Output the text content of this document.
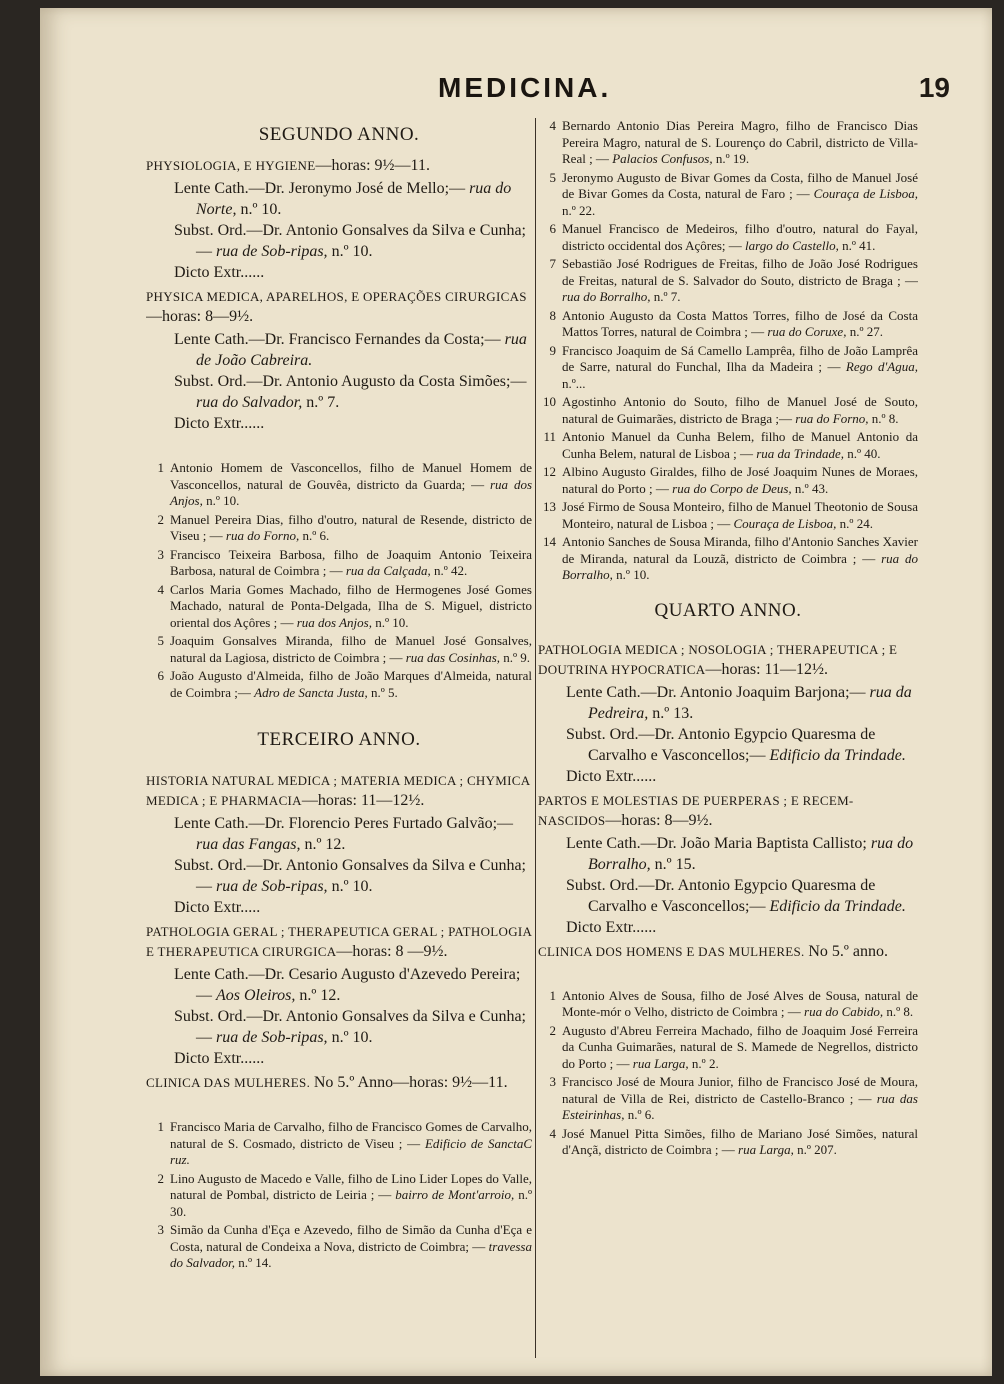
MEDICINA.	19
SEGUNDO ANNO.

PHYSIOLOGIA, E HYGIENE—horas: 9½—11.

Lente Cath.—Dr. Jeronymo José de Mello;— rua do Norte, n.º 10.

Subst. Ord.—Dr. Antonio Gonsalves da Silva e Cunha;— rua de Sob-ripas, n.º 10.

Dicto Extr......

PHYSICA MEDICA, APARELHOS, E OPERAÇÕES CIRURGICAS—horas: 8—9½.

Lente Cath.—Dr. Francisco Fernandes da Costa;— rua de João Cabreira.

Subst. Ord.—Dr. Antonio Augusto da Costa Simões;— rua do Salvador, n.º 7.

Dicto Extr......

1 Antonio Homem de Vasconcellos, filho de Manuel Homem de Vasconcellos, natural de Gouvêa, districto da Guarda; — rua dos Anjos, n.º 10.
2 Manuel Pereira Dias, filho d'outro, natural de Resende, districto de Viseu ; — rua do Forno, n.º 6.
3 Francisco Teixeira Barbosa, filho de Joaquim Antonio Teixeira Barbosa, natural de Coimbra ; — rua da Calçada, n.º 42.
4 Carlos Maria Gomes Machado, filho de Hermogenes José Gomes Machado, natural de Ponta-Delgada, Ilha de S. Miguel, districto oriental dos Açôres ; — rua dos Anjos, n.º 10.
5 Joaquim Gonsalves Miranda, filho de Manuel José Gonsalves, natural da Lagiosa, districto de Coimbra ; — rua das Cosinhas, n.º 9.
6 João Augusto d'Almeida, filho de João Marques d'Almeida, natural de Coimbra ;— Adro de Sancta Justa, n.º 5.
TERCEIRO ANNO.

HISTORIA NATURAL MEDICA ; MATERIA MEDICA ; CHYMICA MEDICA ; E PHARMACIA—horas: 11—12½.

Lente Cath.—Dr. Florencio Peres Furtado Galvão;— rua das Fangas, n.º 12.

Subst. Ord.—Dr. Antonio Gonsalves da Silva e Cunha;— rua de Sob-ripas, n.º 10.

Dicto Extr.....

PATHOLOGIA GERAL ; THERAPEUTICA GERAL ; PATHOLOGIA E THERAPEUTICA CIRURGICA—horas: 8 —9½.

Lente Cath.—Dr. Cesario Augusto d'Azevedo Pereira;— Aos Oleiros, n.º 12.

Subst. Ord.—Dr. Antonio Gonsalves da Silva e Cunha;— rua de Sob-ripas, n.º 10.

Dicto Extr......

CLINICA DAS MULHERES. No 5.º Anno—horas: 9½—11.

1 Francisco Maria de Carvalho, filho de Francisco Gomes de Carvalho, natural de S. Cosmado, districto de Viseu ; — Edificio de SanctaC ruz.
2 Lino Augusto de Macedo e Valle, filho de Lino Lider Lopes do Valle, natural de Pombal, districto de Leiria ; — bairro de Mont'arroio, n.º 30.
3 Simão da Cunha d'Eça e Azevedo, filho de Simão da Cunha d'Eça e Costa, natural de Condeixa a Nova, districto de Coimbra; — travessa do Salvador, n.º 14.
4 Bernardo Antonio Dias Pereira Magro, filho de Francisco Dias Pereira Magro, natural de S. Lourenço do Cabril, districto de Villa-Real ; — Palacios Confusos, n.º 19.
5 Jeronymo Augusto de Bivar Gomes da Costa, filho de Manuel José de Bivar Gomes da Costa, natural de Faro ; — Couraça de Lisboa, n.º 22.
6 Manuel Francisco de Medeiros, filho d'outro, natural do Fayal, districto occidental dos Açôres; — largo do Castello, n.º 41.
7 Sebastião José Rodrigues de Freitas, filho de João José Rodrigues de Freitas, natural de S. Salvador do Souto, districto de Braga ; — rua do Borralho, n.º 7.
8 Antonio Augusto da Costa Mattos Torres, filho de José da Costa Mattos Torres, natural de Coimbra ; — rua do Coruxe, n.º 27.
9 Francisco Joaquim de Sá Camello Lamprêa, filho de João Lamprêa de Sarre, natural do Funchal, Ilha da Madeira ; — Rego d'Agua, n.º...
10 Agostinho Antonio do Souto, filho de Manuel José de Souto, natural de Guimarães, districto de Braga ;— rua do Forno, n.º 8.
11 Antonio Manuel da Cunha Belem, filho de Manuel Antonio da Cunha Belem, natural de Lisboa ; — rua da Trindade, n.º 40.
12 Albino Augusto Giraldes, filho de José Joaquim Nunes de Moraes, natural do Porto ; — rua do Corpo de Deus, n.º 43.
13 José Firmo de Sousa Monteiro, filho de Manuel Theotonio de Sousa Monteiro, natural de Lisboa ; — Couraça de Lisboa, n.º 24.
14 Antonio Sanches de Sousa Miranda, filho d'Antonio Sanches Xavier de Miranda, natural da Louzã, districto de Coimbra ; — rua do Borralho, n.º 10.
QUARTO ANNO.

PATHOLOGIA MEDICA ; NOSOLOGIA ; THERAPEUTICA ; E DOUTRINA HYPOCRATICA—horas: 11—12½.

Lente Cath.—Dr. Antonio Joaquim Barjona;— rua da Pedreira, n.º 13.

Subst. Ord.—Dr. Antonio Egypcio Quaresma de Carvalho e Vasconcellos;— Edificio da Trindade.

Dicto Extr......

PARTOS E MOLESTIAS DE PUERPERAS ; E RECEM-NASCIDOS—horas: 8—9½.

Lente Cath.—Dr. João Maria Baptista Callisto; rua do Borralho, n.º 15.

Subst. Ord.—Dr. Antonio Egypcio Quaresma de Carvalho e Vasconcellos;— Edificio da Trindade.

Dicto Extr......

CLINICA DOS HOMENS E DAS MULHERES. No 5.º anno.

1 Antonio Alves de Sousa, filho de José Alves de Sousa, natural de Monte-mór o Velho, districto de Coimbra ; — rua do Cabido, n.º 8.
2 Augusto d'Abreu Ferreira Machado, filho de Joaquim José Ferreira da Cunha Guimarães, natural de S. Mamede de Negrellos, districto do Porto ; — rua Larga, n.º 2.
3 Francisco José de Moura Junior, filho de Francisco José de Moura, natural de Villa de Rei, districto de Castello-Branco ; — rua das Esteirinhas, n.º 6.
4 José Manuel Pitta Simões, filho de Mariano José Simões, natural d'Ançã, districto de Coimbra ; — rua Larga, n.º 207.
